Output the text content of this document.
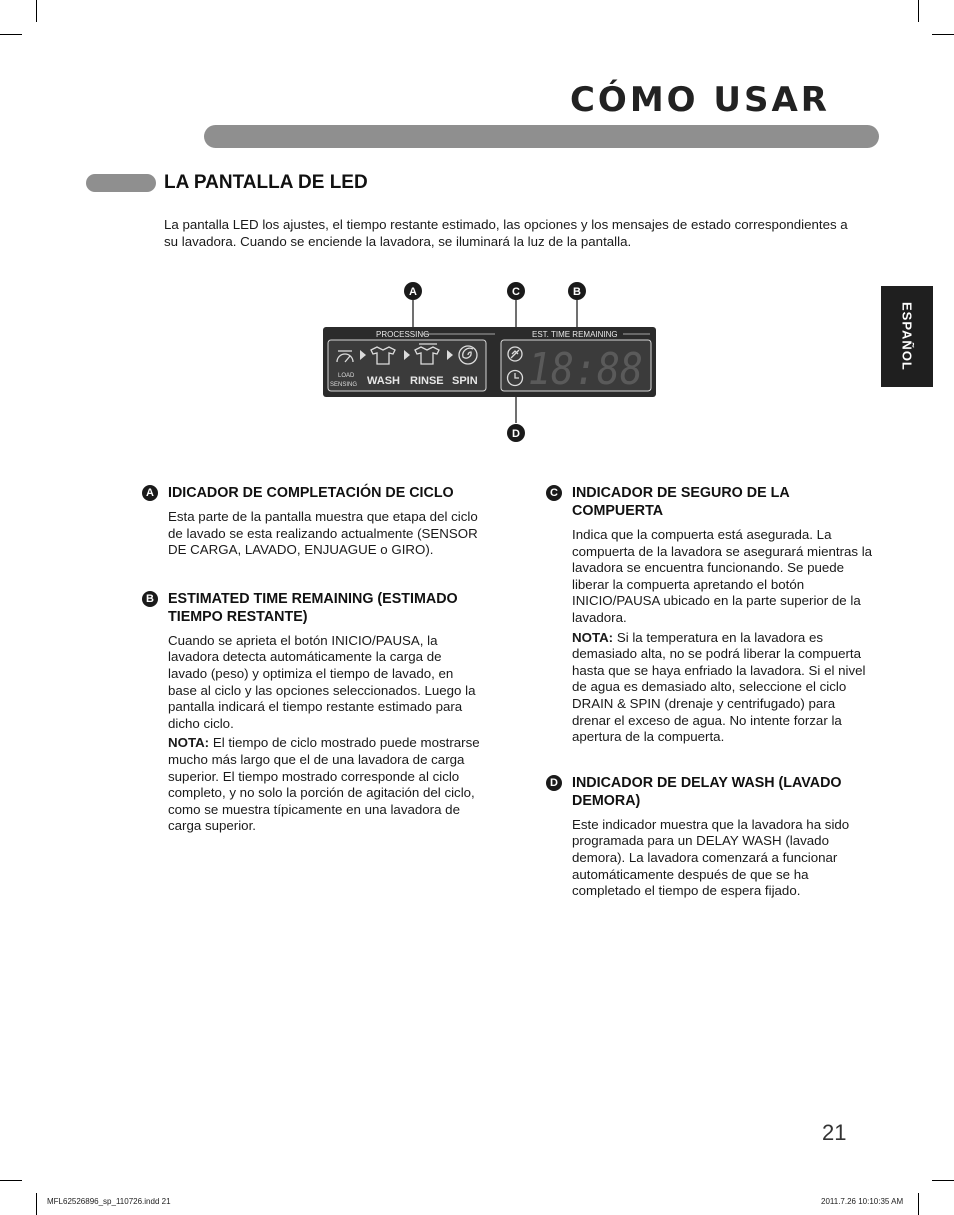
CÓMO USAR
LA PANTALLA DE LED
La pantalla LED los ajustes, el tiempo restante estimado, las opciones y los mensajes de estado correspondientes a su lavadora. Cuando se enciende la lavadora, se iluminará la luz de la pantalla.
ESPAÑOL
A	C	B
D
PROCESSING	EST. TIME REMAINING
LOAD
SENSING WASH RINSE SPIN 18:88
A IDICADOR DE COMPLETACIÓN DE CICLO

Esta parte de la pantalla muestra que etapa del ciclo de lavado se esta realizando actualmente (SENSOR DE CARGA, LAVADO, ENJUAGUE o GIRO).

B ESTIMATED TIME REMAINING (ESTIMADO TIEMPO RESTANTE)

Cuando se aprieta el botón INICIO/PAUSA, la lavadora detecta automáticamente la carga de lavado (peso) y optimiza el tiempo de lavado, en base al ciclo y las opciones seleccionados. Luego la pantalla indicará el tiempo restante estimado para dicho ciclo.

NOTA: El tiempo de ciclo mostrado puede mostrarse mucho más largo que el de una lavadora de carga superior. El tiempo mostrado corresponde al ciclo completo, y no solo la porción de agitación del ciclo, como se muestra típicamente en una lavadora de carga superior.

C INDICADOR DE SEGURO DE LA COMPUERTA

Indica que la compuerta está asegurada. La compuerta de la lavadora se asegurará mientras la lavadora se encuentra funcionando. Se puede liberar la compuerta apretando el botón INICIO/PAUSA ubicado en la parte superior de la lavadora.

NOTA: Si la temperatura en la lavadora es demasiado alta, no se podrá liberar la compuerta hasta que se haya enfriado la lavadora. Si el nivel de agua es demasiado alto, seleccione el ciclo DRAIN & SPIN (drenaje y centrifugado) para drenar el exceso de agua. No intente forzar la apertura de la compuerta.

D INDICADOR DE DELAY WASH (LAVADO DEMORA)

Este indicador muestra que la lavadora ha sido programada para un DELAY WASH (lavado demora). La lavadora comenzará a funcionar automáticamente después de que se ha completado el tiempo de espera fijado.

21
MFL62526896_sp_110726.indd 21	2011.7.26 10:10:35 AM
